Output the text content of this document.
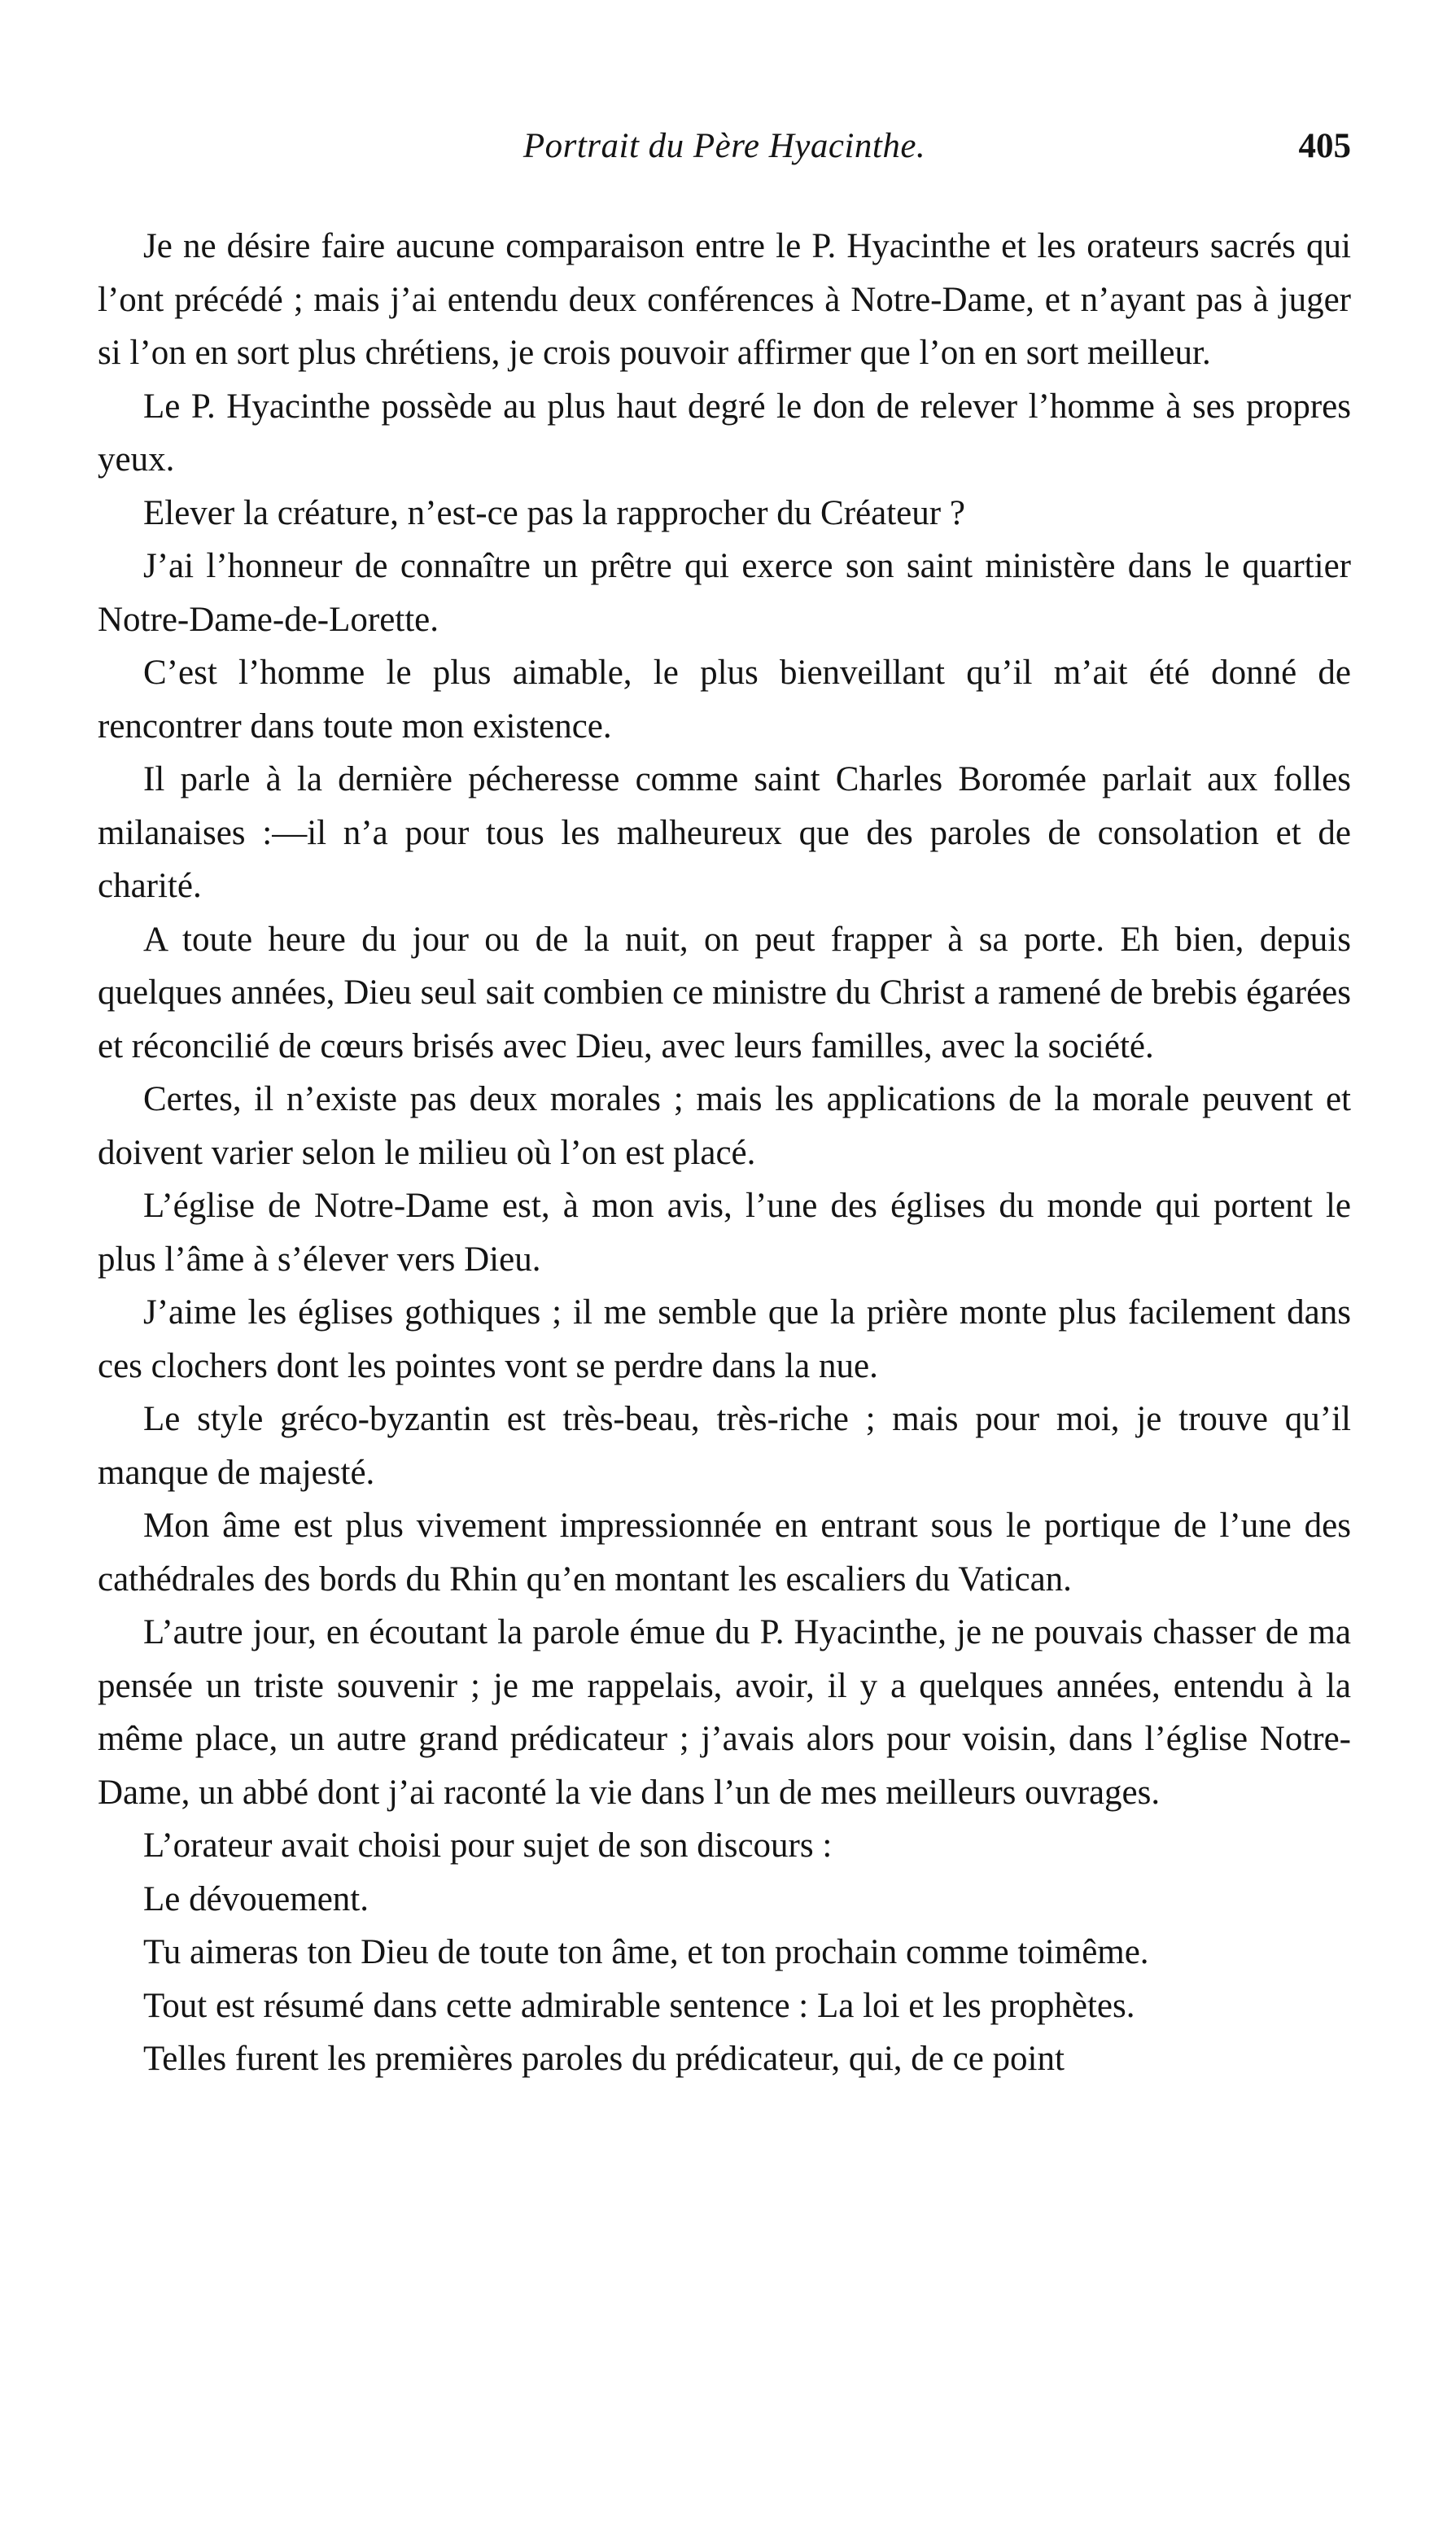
Portrait du Père Hyacinthe.	405

Je ne désire faire aucune comparaison entre le P. Hyacinthe et les orateurs sacrés qui l’ont précédé ; mais j’ai entendu deux conférences à Notre-Dame, et n’ayant pas à juger si l’on en sort plus chrétiens, je crois pouvoir affirmer que l’on en sort meilleur.

Le P. Hyacinthe possède au plus haut degré le don de relever l’homme à ses propres yeux.

Elever la créature, n’est-ce pas la rapprocher du Créateur ?

J’ai l’honneur de connaître un prêtre qui exerce son saint ministère dans le quartier Notre-Dame-de-Lorette.

C’est l’homme le plus aimable, le plus bienveillant qu’il m’ait été donné de rencontrer dans toute mon existence.

Il parle à la dernière pécheresse comme saint Charles Boromée parlait aux folles milanaises :—il n’a pour tous les malheureux que des paroles de consolation et de charité.

A toute heure du jour ou de la nuit, on peut frapper à sa porte. Eh bien, depuis quelques années, Dieu seul sait combien ce ministre du Christ a ramené de brebis égarées et réconcilié de cœurs brisés avec Dieu, avec leurs familles, avec la société.

Certes, il n’existe pas deux morales ; mais les applications de la morale peuvent et doivent varier selon le milieu où l’on est placé.

L’église de Notre-Dame est, à mon avis, l’une des églises du monde qui portent le plus l’âme à s’élever vers Dieu.

J’aime les églises gothiques ; il me semble que la prière monte plus facilement dans ces clochers dont les pointes vont se perdre dans la nue.

Le style gréco-byzantin est très-beau, très-riche ; mais pour moi, je trouve qu’il manque de majesté.

Mon âme est plus vivement impressionnée en entrant sous le portique de l’une des cathédrales des bords du Rhin qu’en montant les escaliers du Vatican.

L’autre jour, en écoutant la parole émue du P. Hyacinthe, je ne pouvais chasser de ma pensée un triste souvenir ; je me rappelais, avoir, il y a quelques années, entendu à la même place, un autre grand prédicateur ; j’avais alors pour voisin, dans l’église Notre-Dame, un abbé dont j’ai raconté la vie dans l’un de mes meilleurs ouvrages.

L’orateur avait choisi pour sujet de son discours :

Le dévouement.

Tu aimeras ton Dieu de toute ton âme, et ton prochain comme toimême.

Tout est résumé dans cette admirable sentence : La loi et les prophètes.

Telles furent les premières paroles du prédicateur, qui, de ce point
